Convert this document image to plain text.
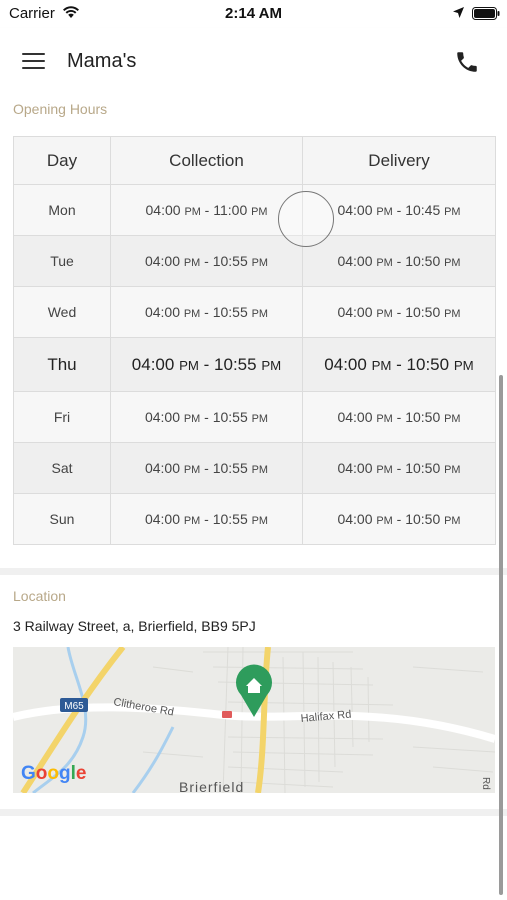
Carrier	2:14 AM
Mama's
Opening Hours
Day	Collection	Delivery
Mon	04:00 PM - 11:00 PM	04:00 PM - 10:45 PM
Tue	04:00 PM - 10:55 PM	04:00 PM - 10:50 PM
Wed	04:00 PM - 10:55 PM	04:00 PM - 10:50 PM
Thu	04:00 PM - 10:55 PM	04:00 PM - 10:50 PM
Fri	04:00 PM - 10:55 PM	04:00 PM - 10:50 PM
Sat	04:00 PM - 10:55 PM	04:00 PM - 10:50 PM
Sun	04:00 PM - 10:55 PM	04:00 PM - 10:50 PM
Location
3 Railway Street, a, Brierfield, BB9 5PJ
M65	Clitheroe Rd	Halifax Rd
Brierfield	Rd
Google
